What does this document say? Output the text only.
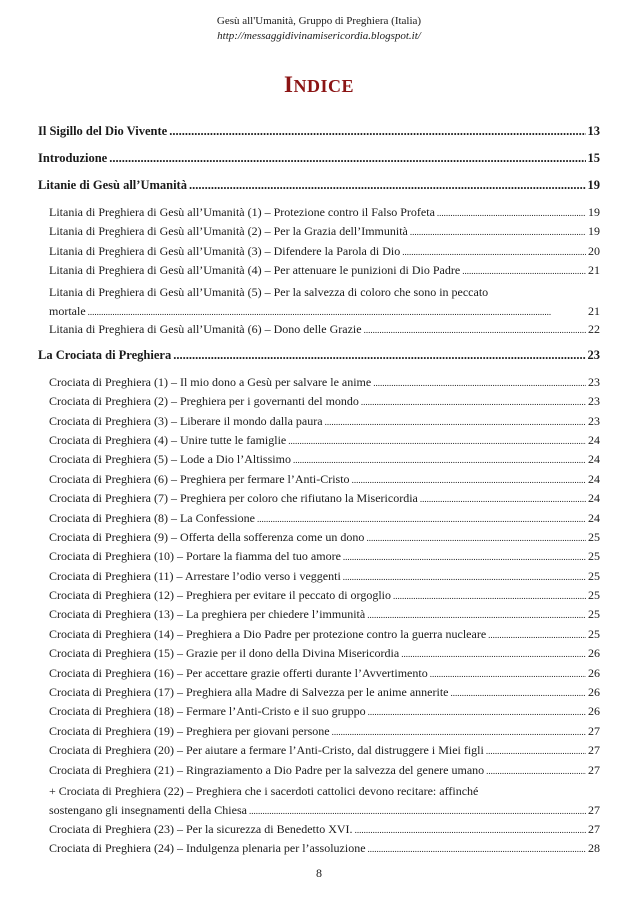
Gesù all'Umanità, Gruppo di Preghiera (Italia)
http://messaggidivinamisericordia.blogspot.it/
INDICE
Il Sigillo del Dio Vivente .....	13
Introduzione .....	15
Litanie di Gesù all’Umanità .....	19
Litania di Preghiera di Gesù all’Umanità (1) – Protezione contro il Falso Profeta .....	19
Litania di Preghiera di Gesù all’Umanità (2) – Per la Grazia dell’Immunità .....	19
Litania di Preghiera di Gesù all’Umanità (3) – Difendere la Parola di Dio .....	20
Litania di Preghiera di Gesù all’Umanità (4) – Per attenuare le punizioni di Dio Padre .....	21
Litania di Preghiera di Gesù all’Umanità (5) – Per la salvezza di coloro che sono in peccato
mortale .....	21
Litania di Preghiera di Gesù all’Umanità (6) – Dono delle Grazie .....	22
La Crociata di Preghiera .....	23
Crociata di Preghiera (1) – Il mio dono a Gesù per salvare le anime .....	23
Crociata di Preghiera (2) – Preghiera per i governanti del mondo .....	23
Crociata di Preghiera (3) – Liberare il mondo dalla paura .....	23
Crociata di Preghiera (4) – Unire tutte le famiglie .....	24
Crociata di Preghiera (5) – Lode a Dio l’Altissimo .....	24
Crociata di Preghiera (6) – Preghiera per fermare l’Anti-Cristo .....	24
Crociata di Preghiera (7) – Preghiera per coloro che rifiutano la Misericordia .....	24
Crociata di Preghiera (8) – La Confessione .....	24
Crociata di Preghiera (9) – Offerta della sofferenza come un dono .....	25
Crociata di Preghiera (10) – Portare la fiamma del tuo amore .....	25
Crociata di Preghiera (11) – Arrestare l’odio verso i veggenti .....	25
Crociata di Preghiera (12) – Preghiera per evitare il peccato di orgoglio .....	25
Crociata di Preghiera (13) – La preghiera per chiedere l’immunità .....	25
Crociata di Preghiera (14) – Preghiera a Dio Padre per protezione contro la guerra nucleare .....	25
Crociata di Preghiera (15) – Grazie per il dono della Divina Misericordia .....	26
Crociata di Preghiera (16) – Per accettare grazie offerti durante l’Avvertimento .....	26
Crociata di Preghiera (17) – Preghiera alla Madre di Salvezza per le anime annerite .....	26
Crociata di Preghiera (18) – Fermare l’Anti-Cristo e il suo gruppo .....	26
Crociata di Preghiera (19) – Preghiera per giovani persone .....	27
Crociata di Preghiera (20) – Per aiutare a fermare l’Anti-Cristo, dal distruggere i Miei figli .....	27
Crociata di Preghiera (21) – Ringraziamento a Dio Padre per la salvezza del genere umano .....	27
+ Crociata di Preghiera (22) – Preghiera che i sacerdoti cattolici devono recitare: affinché
sostengano gli insegnamenti della Chiesa .....	27
Crociata di Preghiera (23) – Per la sicurezza di Benedetto XVI. .....	27
Crociata di Preghiera (24) – Indulgenza plenaria per l’assoluzione .....	28
8
